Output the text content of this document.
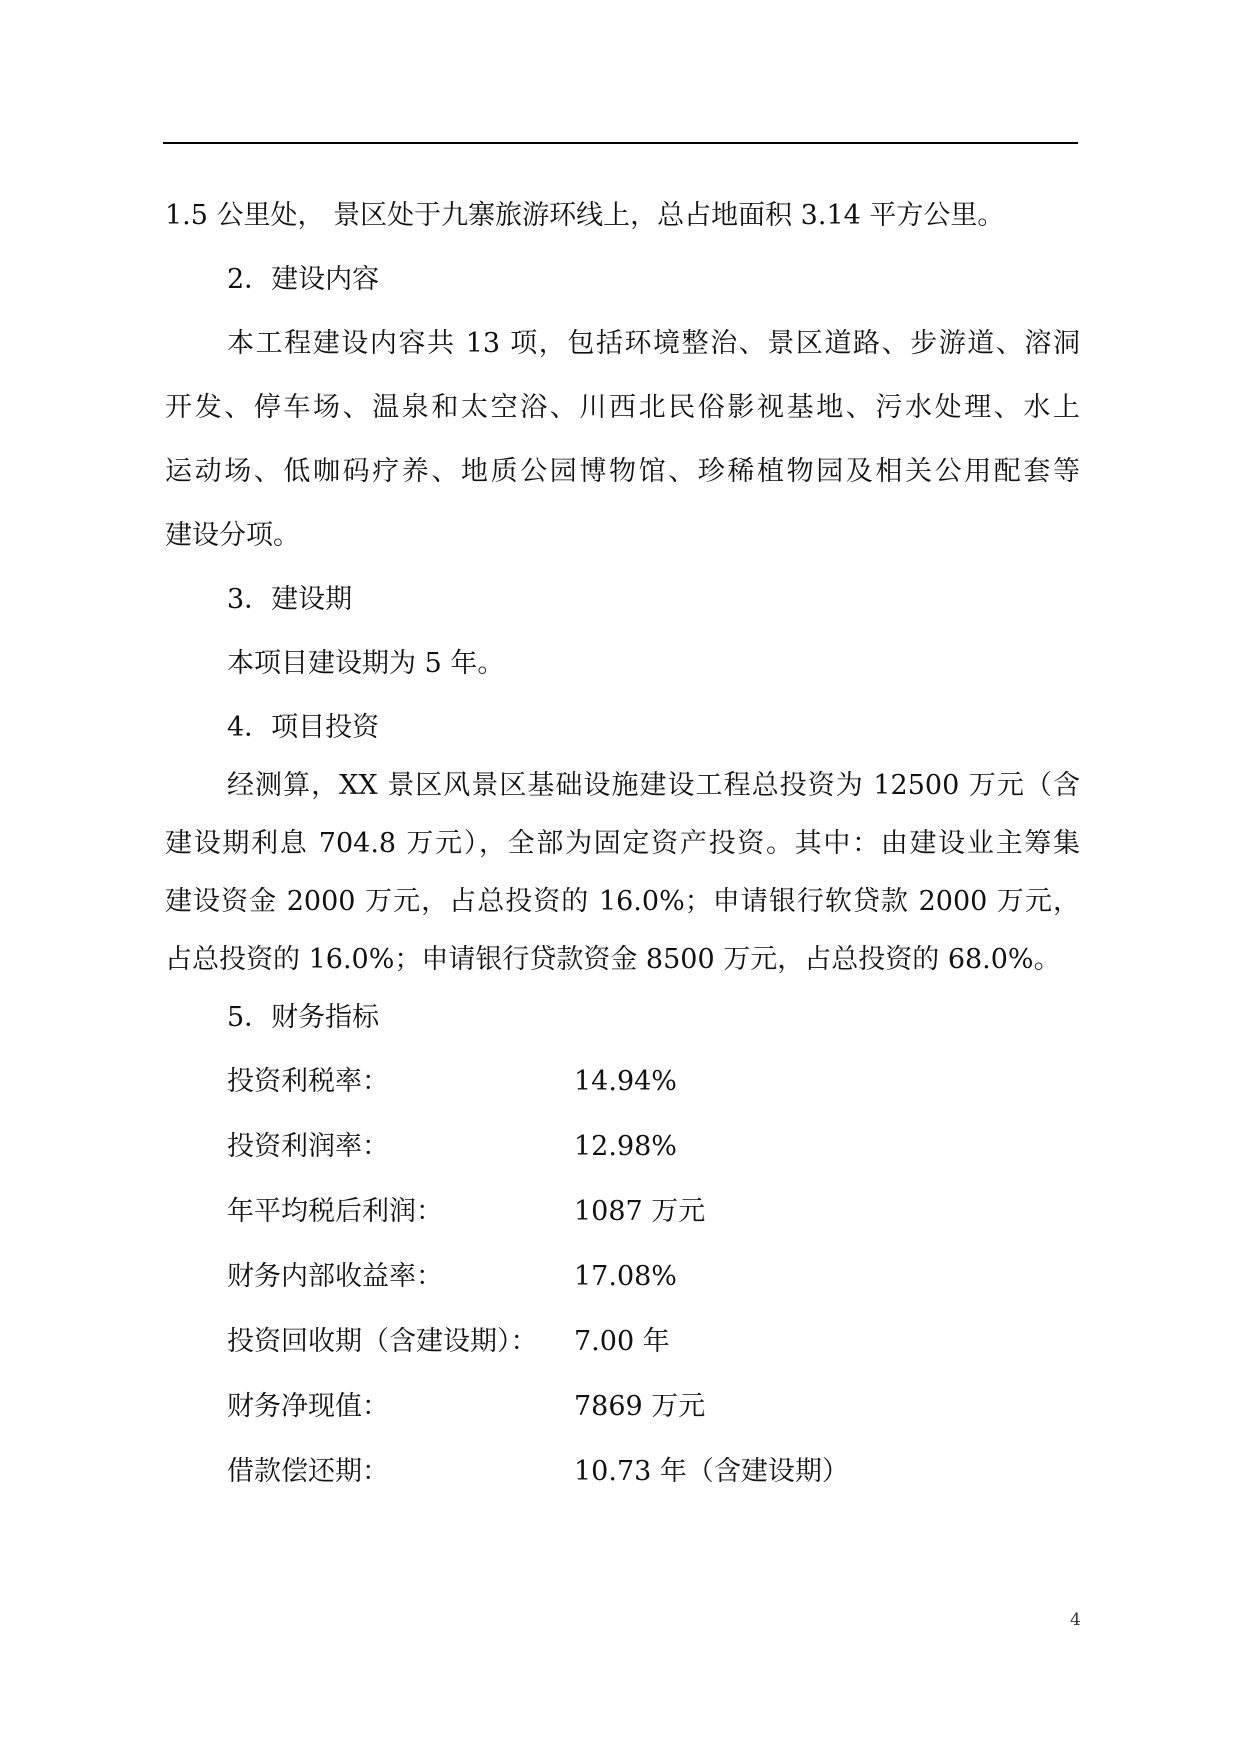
1.5 公里处， 景区处于九寨旅游环线上，总占地面积 3.14 平方公里。
2．建设内容
本工程建设内容共 13 项，包括环境整治、景区道路、步游道、溶洞
开发、停车场、温泉和太空浴、川西北民俗影视基地、污水处理、水上
运动场、低咖码疗养、地质公园博物馆、珍稀植物园及相关公用配套等
建设分项。
3．建设期
本项目建设期为 5 年。
4．项目投资
经测算，XX 景区风景区基础设施建设工程总投资为 12500 万元（含
建设期利息 704.8 万元），全部为固定资产投资。其中：由建设业主筹集
建设资金 2000 万元，占总投资的 16.0%；申请银行软贷款 2000 万元，
占总投资的 16.0%；申请银行贷款资金 8500 万元，占总投资的 68.0%。
5．财务指标
投资利税率：	14.94%
投资利润率：	12.98%
年平均税后利润：	1087 万元
财务内部收益率：	17.08%
投资回收期（含建设期）： 7.00 年
财务净现值：	7869 万元
借款偿还期：	10.73 年（含建设期）
4
